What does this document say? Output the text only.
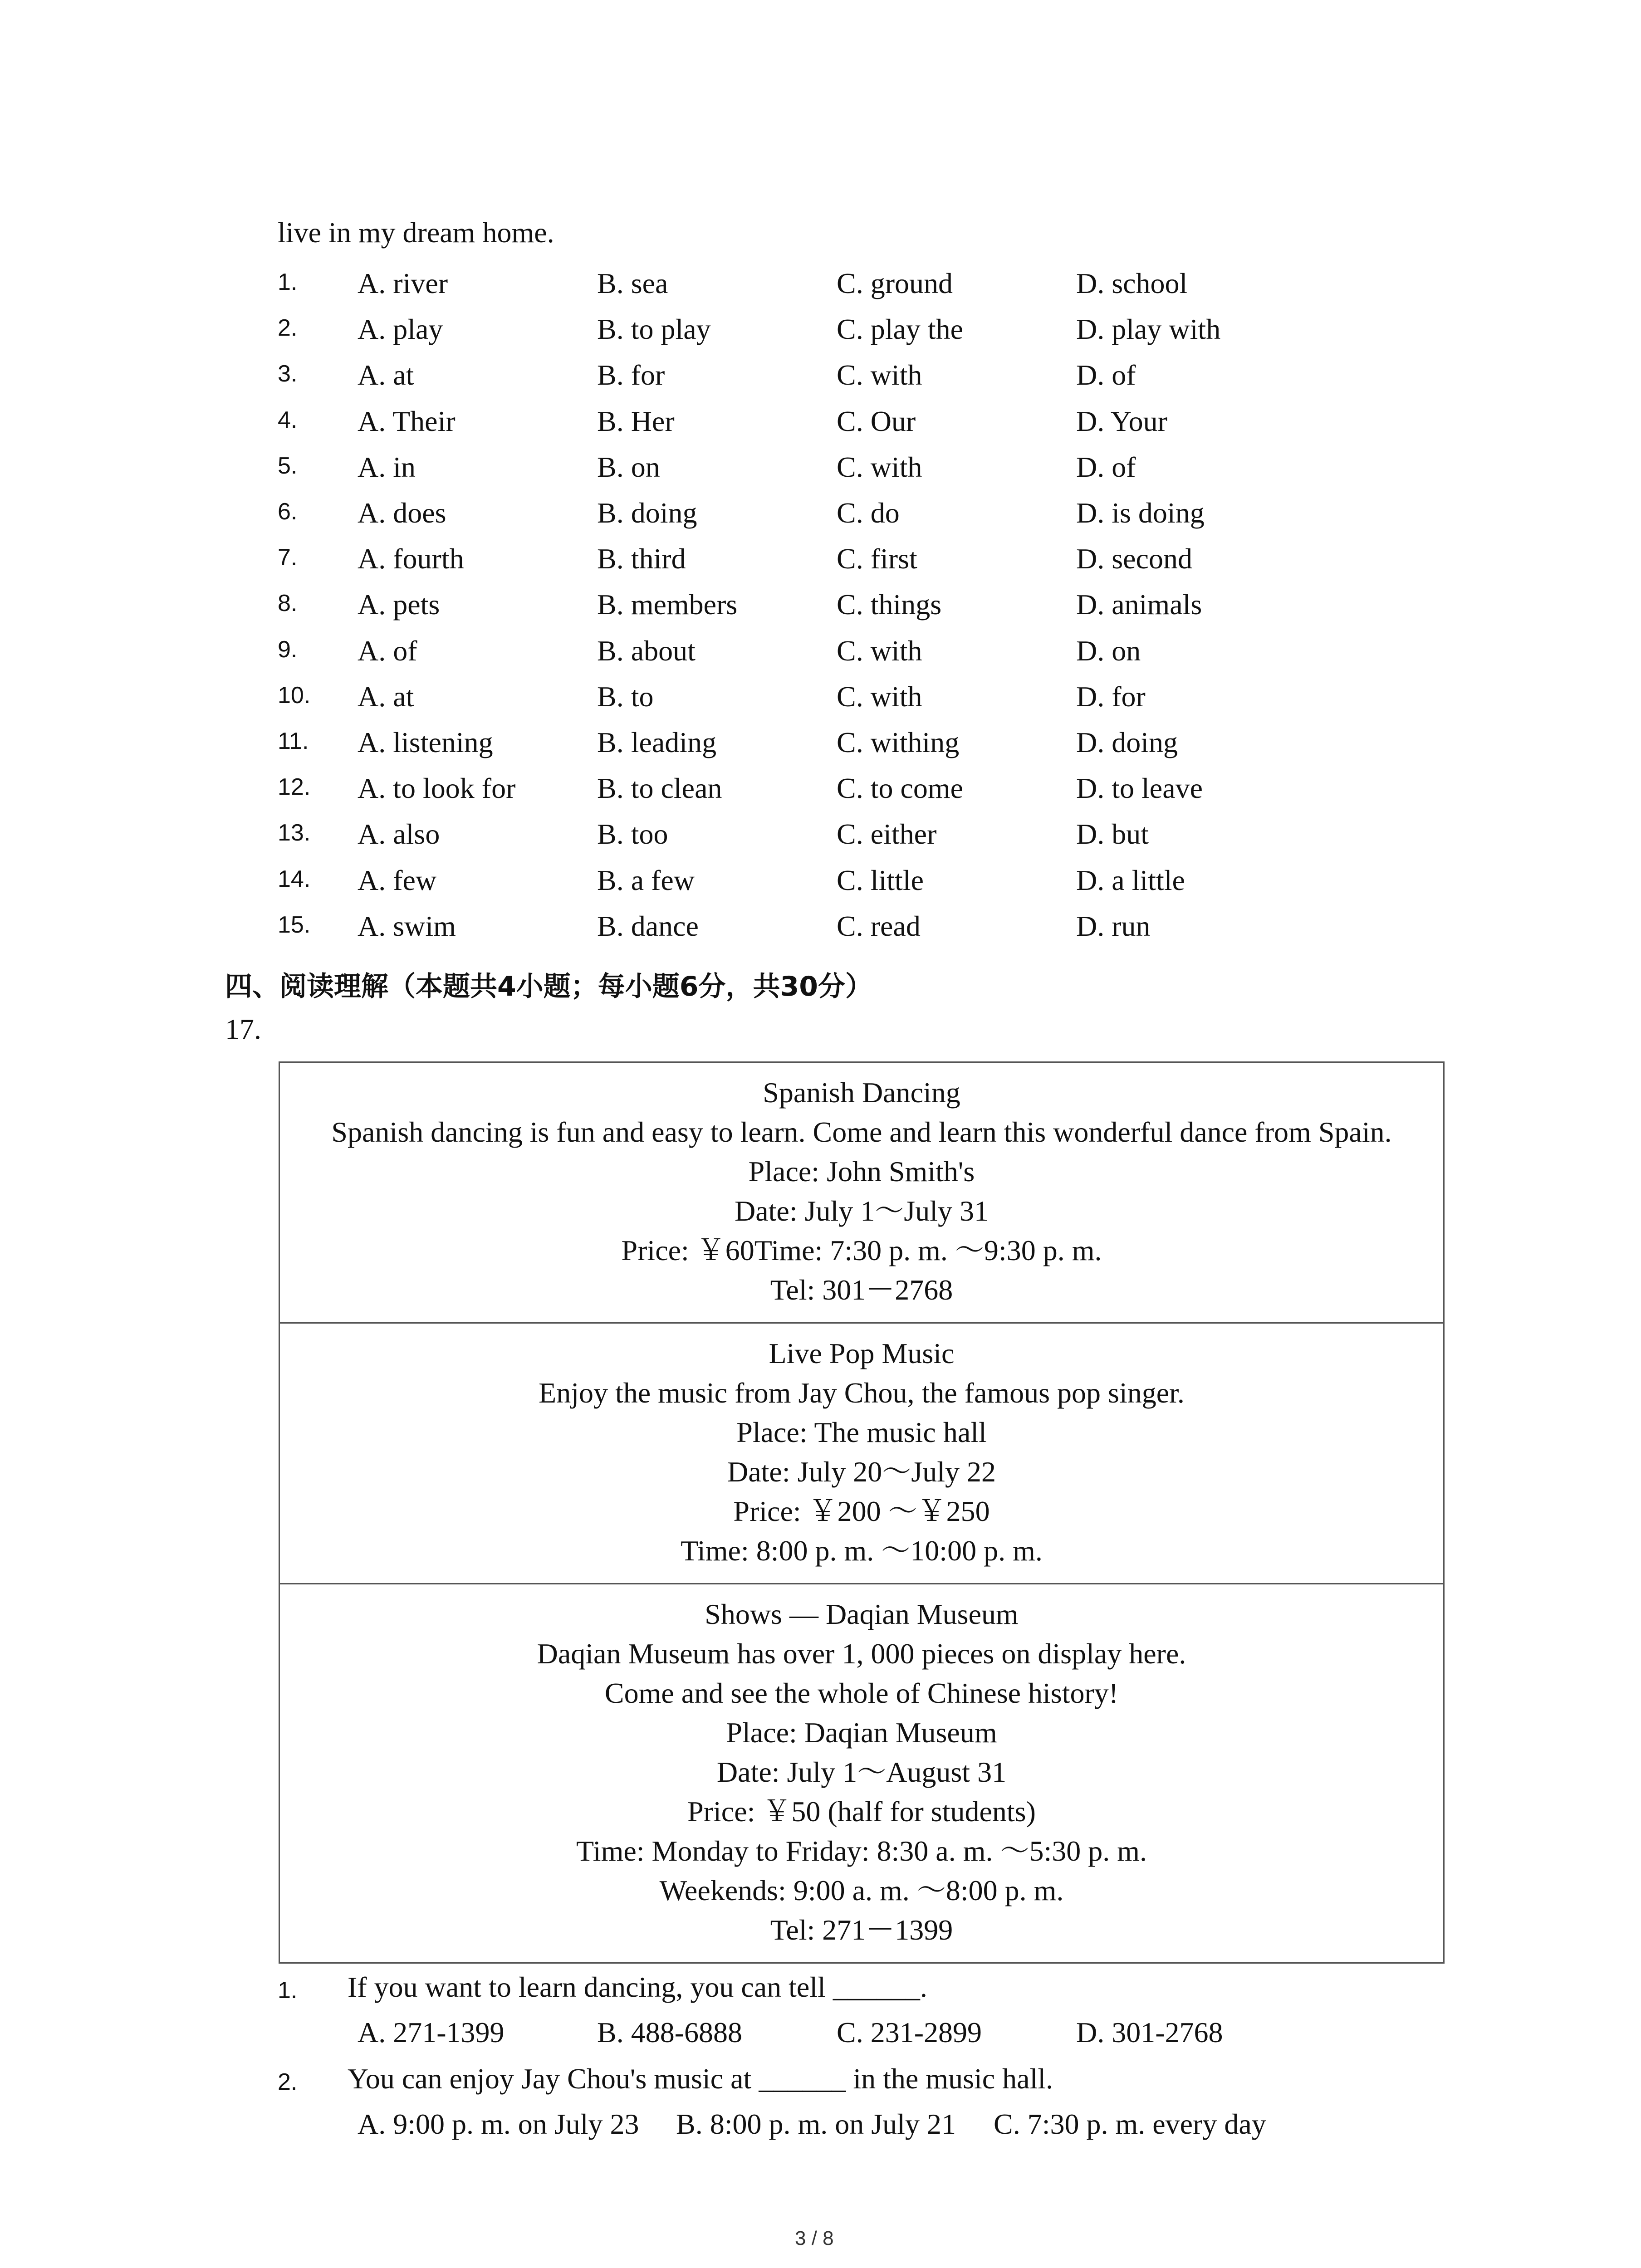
live in my dream home.
1. A. river	B. sea	C. ground	D. school
2. A. play	B. to play	C. play the	D. play with
3. A. at	B. for	C. with	D. of
4. A. Their	B. Her	C. Our	D. Your
5. A. in	B. on	C. with	D. of
6. A. does	B. doing	C. do	D. is doing
7. A. fourth	B. third	C. first	D. second
8. A. pets	B. members	C. things	D. animals
9. A. of	B. about	C. with	D. on
10. A. at	B. to	C. with	D. for
11. A. listening	B. leading	C. withing	D. doing
12. A. to look for	B. to clean	C. to come	D. to leave
13. A. also	B. too	C. either	D. but
14. A. few	B. a few	C. little	D. a little
15. A. swim	B. dance	C. read	D. run
四、阅读理解（本题共4小题；每小题6分，共30分）
17.
Spanish Dancing
Spanish dancing is fun and easy to learn. Come and learn this wonderful dance from Spain.
Place: John Smith's
Date: July 1～July 31
Price: ￥60Time: 7:30 p. m. ～9:30 p. m.
Tel: 301－2768
Live Pop Music
Enjoy the music from Jay Chou, the famous pop singer.
Place: The music hall
Date: July 20～July 22
Price: ￥200 ～￥250
Time: 8:00 p. m. ～10:00 p. m.
Shows — Daqian Museum
Daqian Museum has over 1, 000 pieces on display here.
Come and see the whole of Chinese history!
Place: Daqian Museum
Date: July 1～August 31
Price: ￥50 (half for students)
Time: Monday to Friday: 8:30 a. m. ～5:30 p. m.
Weekends: 9:00 a. m. ～8:00 p. m.
Tel: 271－1399
1. If you want to learn dancing, you can tell ______.
A. 271-1399	B. 488-6888	C. 231-2899	D. 301-2768
2. You can enjoy Jay Chou's music at ______ in the music hall.
A. 9:00 p. m. on July 23 B. 8:00 p. m. on July 21 C. 7:30 p. m. every day
3 / 8
